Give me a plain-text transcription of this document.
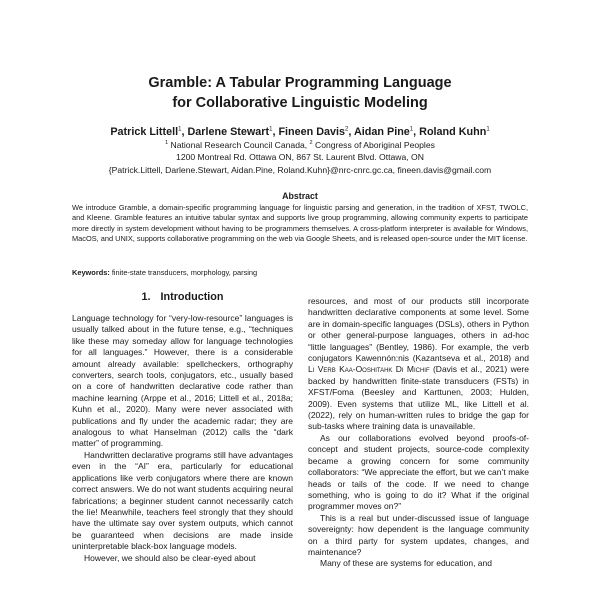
Gramble: A Tabular Programming Language
for Collaborative Linguistic Modeling
Patrick Littell$^1$, Darlene Stewart$^1$, Fineen Davis$^2$, Aidan Pine$^1$, Roland Kuhn$^1$
$^1$ National Research Council Canada, $^2$ Congress of Aboriginal Peoples
1200 Montreal Rd. Ottawa ON, 867 St. Laurent Blvd. Ottawa, ON
{Patrick.Littell, Darlene.Stewart, Aidan.Pine, Roland.Kuhn}@nrc-cnrc.gc.ca, fineen.davis@gmail.com
Abstract

We introduce Gramble, a domain-specific programming language for linguistic parsing and generation, in the tradition of XFST, TWOLC, and Kleene. Gramble features an intuitive tabular syntax and supports live group programming, allowing community experts to participate more directly in system development without having to be programmers themselves. A cross-platform interpreter is available for Windows, MacOS, and UNIX, supports collaborative programming on the web via Google Sheets, and is released open-source under the MIT license.

Keywords: finite-state transducers, morphology, parsing
1. Introduction

Language technology for “very-low-resource” languages is usually talked about in the future tense, e.g., “techniques like these may someday allow for language technologies for all languages.” However, there is a considerable amount already available: spellcheckers, orthography converters, search tools, conjugators, etc., usually based on a core of handwritten declarative code rather than machine learning (Arppe et al., 2016; Littell et al., 2018a; Kuhn et al., 2020). Many were never associated with publications and fly under the academic radar; they are analogous to what Hanselman (2012) calls the “dark matter” of programming.

Handwritten declarative programs still have advantages even in the “AI” era, particularly for educational applications like verb conjugators where there are known correct answers. We do not want students acquiring neural fabrications; a beginner student cannot necessarily catch the lie! Meanwhile, teachers feel strongly that they should have the ultimate say over system outputs, which cannot be guaranteed when decisions are made inside uninterpretable black-box language models.

However, we should also be clear-eyed about

resources, and most of our products still incorporate handwritten declarative components at some level. Some are in domain-specific languages (DSLs), others in Python or other general-purpose languages, others in ad-hoc “little languages” (Bentley, 1986). For example, the verb conjugators Kawennón:nis (Kazantseva et al., 2018) and Li Verb Kaa-Ooshitahk Di Michif (Davis et al., 2021) were backed by handwritten finite-state transducers (FSTs) in XFST/Foma (Beesley and Karttunen, 2003; Hulden, 2009). Even systems that utilize ML, like Littell et al. (2022), rely on human-written rules to bridge the gap for sub-tasks where training data is unavailable.

As our collaborations evolved beyond proofs-of-concept and student projects, source-code complexity became a growing concern for some community collaborators: “We appreciate the effort, but we can’t make heads or tails of the code. If we need to change something, who is going to do it? What if the original programmer moves on?”

This is a real but under-discussed issue of language sovereignty: how dependent is the language community on a third party for system updates, changes, and maintenance?

Many of these are systems for education, and
